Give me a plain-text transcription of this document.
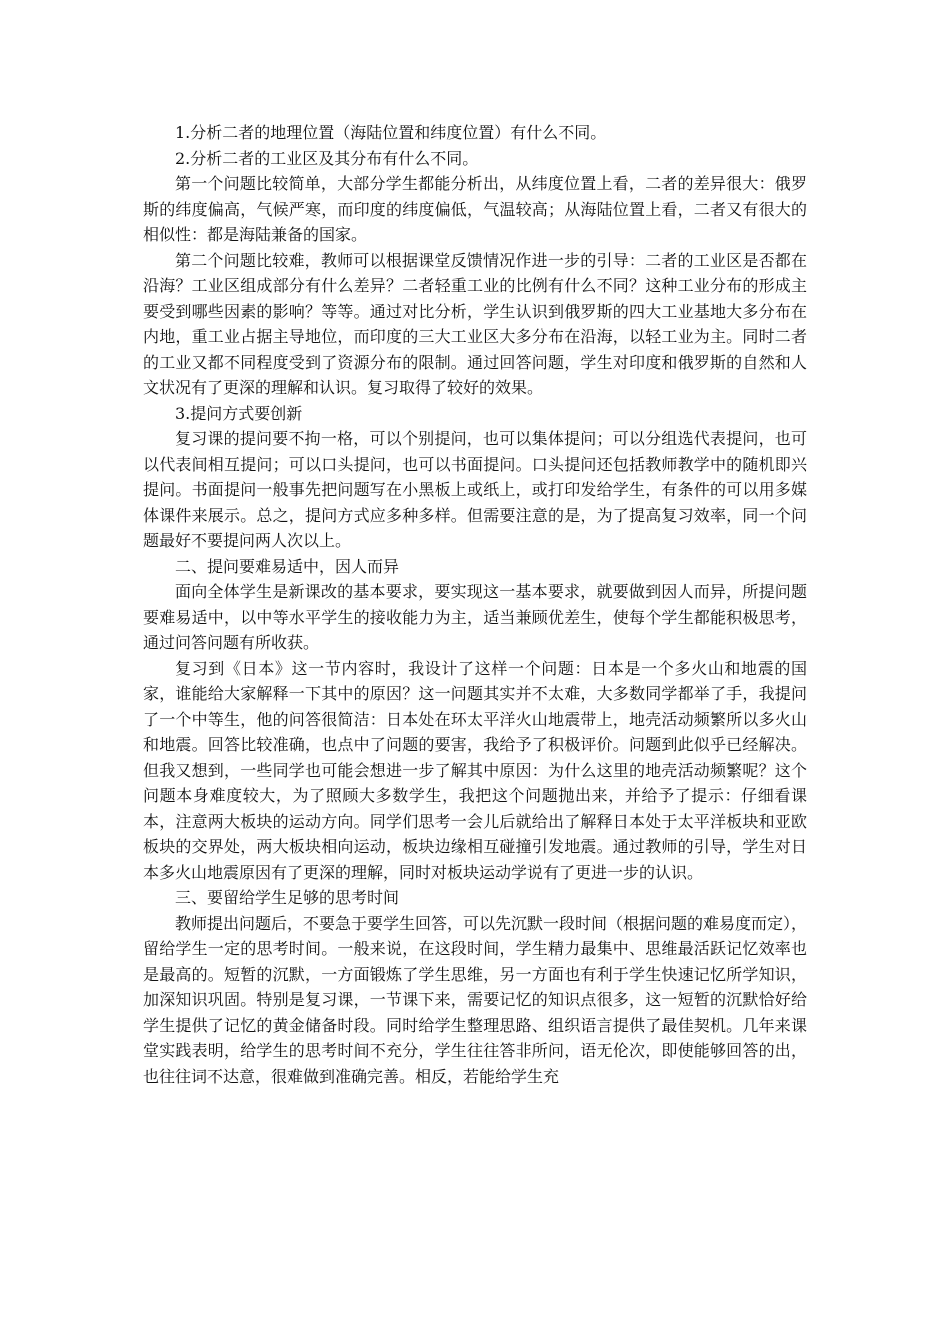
1.分析二者的地理位置（海陆位置和纬度位置）有什么不同。

2.分析二者的工业区及其分布有什么不同。

第一个问题比较简单，大部分学生都能分析出，从纬度位置上看，二者的差异很大：俄罗斯的纬度偏高，气候严寒，而印度的纬度偏低，气温较高；从海陆位置上看，二者又有很大的相似性：都是海陆兼备的国家。

第二个问题比较难，教师可以根据课堂反馈情况作进一步的引导：二者的工业区是否都在沿海？工业区组成部分有什么差异？二者轻重工业的比例有什么不同？这种工业分布的形成主要受到哪些因素的影响？等等。通过对比分析，学生认识到俄罗斯的四大工业基地大多分布在内地，重工业占据主导地位，而印度的三大工业区大多分布在沿海，以轻工业为主。同时二者的工业又都不同程度受到了资源分布的限制。通过回答问题，学生对印度和俄罗斯的自然和人文状况有了更深的理解和认识。复习取得了较好的效果。

3.提问方式要创新

复习课的提问要不拘一格，可以个别提问，也可以集体提问；可以分组选代表提问，也可以代表间相互提问；可以口头提问，也可以书面提问。口头提问还包括教师教学中的随机即兴提问。书面提问一般事先把问题写在小黑板上或纸上，或打印发给学生，有条件的可以用多媒体课件来展示。总之，提问方式应多种多样。但需要注意的是，为了提高复习效率，同一个问题最好不要提问两人次以上。

二、提问要难易适中，因人而异

面向全体学生是新课改的基本要求，要实现这一基本要求，就要做到因人而异，所提问题要难易适中，以中等水平学生的接收能力为主，适当兼顾优差生，使每个学生都能积极思考，通过问答问题有所收获。

复习到《日本》这一节内容时，我设计了这样一个问题：日本是一个多火山和地震的国家，谁能给大家解释一下其中的原因？这一问题其实并不太难，大多数同学都举了手，我提问了一个中等生，他的问答很简洁：日本处在环太平洋火山地震带上，地壳活动频繁所以多火山和地震。回答比较准确，也点中了问题的要害，我给予了积极评价。问题到此似乎已经解决。但我又想到，一些同学也可能会想进一步了解其中原因：为什么这里的地壳活动频繁呢？这个问题本身难度较大，为了照顾大多数学生，我把这个问题抛出来，并给予了提示：仔细看课本，注意两大板块的运动方向。同学们思考一会儿后就给出了解释日本处于太平洋板块和亚欧板块的交界处，两大板块相向运动，板块边缘相互碰撞引发地震。通过教师的引导，学生对日本多火山地震原因有了更深的理解，同时对板块运动学说有了更进一步的认识。

三、要留给学生足够的思考时间

教师提出问题后，不要急于要学生回答，可以先沉默一段时间（根据问题的难易度而定），留给学生一定的思考时间。一般来说，在这段时间，学生精力最集中、思维最活跃记忆效率也是最高的。短暂的沉默，一方面锻炼了学生思维，另一方面也有利于学生快速记忆所学知识，加深知识巩固。特别是复习课，一节课下来，需要记忆的知识点很多，这一短暂的沉默恰好给学生提供了记忆的黄金储备时段。同时给学生整理思路、组织语言提供了最佳契机。几年来课堂实践表明，给学生的思考时间不充分，学生往往答非所问，语无伦次，即使能够回答的出，也往往词不达意，很难做到准确完善。相反，若能给学生充
